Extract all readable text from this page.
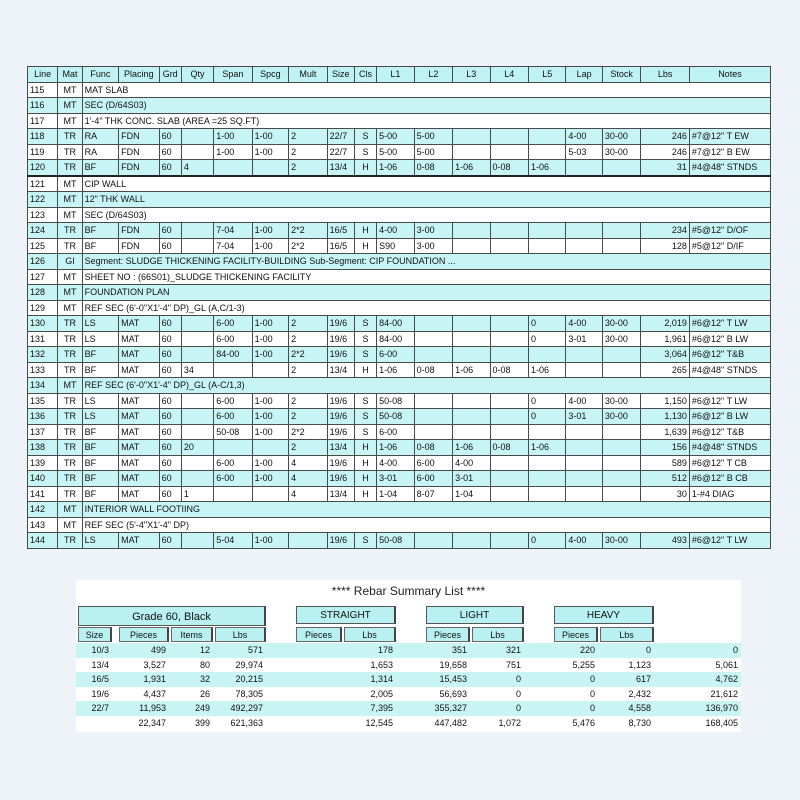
Line	Mat	Func	Placing	Grd	Qty	Span	Spcg	Mult	Size	Cls	L1	L2	L3	L4	L5	Lap	Stock	Lbs	Notes
115	MT	MAT SLAB																	
116	MT	SEC (D/64S03)																	
117	MT	1'-4" THK CONC. SLAB (AREA =25 SQ.FT)																	
118	TR	RA	FDN	60		1-00	1-00	2	22/7	S	5-00	5-00				4-00	30-00	246	#7@12" T EW
119	TR	RA	FDN	60		1-00	1-00	2	22/7	S	5-00	5-00				5-03	30-00	246	#7@12" B EW
120	TR	BF	FDN	60	4			2	13/4	H	1-06	0-08	1-06	0-08	1-06			31	#4@48" STNDS
121	MT	CIP WALL																	
122	MT	12" THK WALL																	
123	MT	SEC (D/64S03)																	
124	TR	BF	FDN	60		7-04	1-00	2*2	16/5	H	4-00	3-00						234	#5@12" D/OF
125	TR	BF	FDN	60		7-04	1-00	2*2	16/5	H	S90	3-00						128	#5@12" D/IF
126	GI	Segment: SLUDGE THICKENING FACILITY-BUILDING Sub-Segment: CIP FOUNDATION ...																	
127	MT	SHEET NO : (66S01)_SLUDGE THICKENING FACILITY																	
128	MT	FOUNDATION PLAN																	
129	MT	REF SEC (6'-0"X1'-4" DP)_GL (A,C/1-3)																	
130	TR	LS	MAT	60		6-00	1-00	2	19/6	S	84-00				0	4-00	30-00	2,019	#6@12" T LW
131	TR	LS	MAT	60		6-00	1-00	2	19/6	S	84-00				0	3-01	30-00	1,961	#6@12" B LW
132	TR	BF	MAT	60		84-00	1-00	2*2	19/6	S	6-00							3,064	#6@12" T&B
133	TR	BF	MAT	60	34			2	13/4	H	1-06	0-08	1-06	0-08	1-06			265	#4@48" STNDS
134	MT	REF SEC (6'-0"X1'-4" DP)_GL (A-C/1,3)																	
135	TR	LS	MAT	60		6-00	1-00	2	19/6	S	50-08				0	4-00	30-00	1,150	#6@12" T LW
136	TR	LS	MAT	60		6-00	1-00	2	19/6	S	50-08				0	3-01	30-00	1,130	#6@12" B LW
137	TR	BF	MAT	60		50-08	1-00	2*2	19/6	S	6-00							1,639	#6@12" T&B
138	TR	BF	MAT	60	20			2	13/4	H	1-06	0-08	1-06	0-08	1-06			156	#4@48" STNDS
139	TR	BF	MAT	60		6-00	1-00	4	19/6	H	4-00	6-00	4-00					589	#6@12" T CB
140	TR	BF	MAT	60		6-00	1-00	4	19/6	H	3-01	6-00	3-01					512	#6@12" B CB
141	TR	BF	MAT	60	1			4	13/4	H	1-04	8-07	1-04					30	1-#4 DIAG
142	MT	INTERIOR WALL FOOTIING																	
143	MT	REF SEC (5'-4"X1'-4" DP)																	
144	TR	LS	MAT	60		5-04	1-00		19/6	S	50-08				0	4-00	30-00	493	#6@12" T LW
**** Rebar Summary List ****
Grade 60, Black	STRAIGHT	LIGHT	HEAVY
Size	Pieces	Items	Lbs	Pieces	Lbs	Pieces	Lbs	Pieces	Lbs
10/3	499	12	571		178	351	321	220	0	0
13/4	3,527	80	29,974		1,653	19,658	751	5,255	1,123	5,061
16/5	1,931	32	20,215		1,314	15,453	0	0	617	4,762
19/6	4,437	26	78,305		2,005	56,693	0	0	2,432	21,612
22/7	11,953	249	492,297		7,395	355,327	0	0	4,558	136,970
	22,347	399	621,363		12,545	447,482	1,072	5,476	8,730	168,405
